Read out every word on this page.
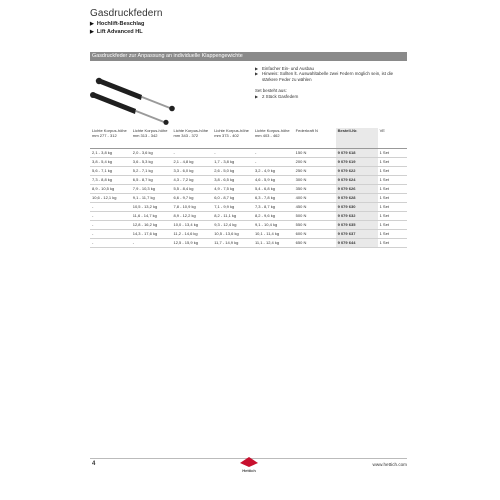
Gasdruckfedern
▶ Hochlift-Beschlag
▶ Lift Advanced HL
Gasdruckfeder zur Anpassung an individuelle Klappengewichte
▶ Einfacher Ein- und Ausbau
▶ Hinweis: Sollten lt. Auswahltabelle zwei Federn möglich sein, ist die stärkere Feder zu wählen
Set besteht aus:
▶ 2 Stück Gasfedern
Lichte Korpus-höhe mm 277 - 312	Lichte Korpus-höhe mm 313 - 342	Lichte Korpus-höhe mm 343 - 372	Lichte Korpus-höhe mm 373 - 402	Lichte Korpus-höhe mm 403 - 462	Federkraft N	Bestell-Nr.	VE
2,1 - 3,8 kg	2,0 - 3,6 kg	-	-	-	150 N	9 079 618	1 Set
3,8 - 5,4 kg	3,6 - 5,3 kg	2,1 - 4,8 kg	1,7 - 3,8 kg	-	200 N	9 079 619	1 Set
5,6 - 7,1 kg	5,2 - 7,1 kg	3,3 - 6,0 kg	2,6 - 5,0 kg	3,2 - 4,9 kg	250 N	9 079 622	1 Set
7,3 - 8,8 kg	6,5 - 8,7 kg	4,3 - 7,2 kg	3,8 - 6,5 kg	4,6 - 5,9 kg	300 N	9 079 624	1 Set
8,9 - 10,5 kg	7,9 - 10,3 kg	5,5 - 8,4 kg	4,9 - 7,5 kg	5,4 - 6,8 kg	350 N	9 079 626	1 Set
10,6 - 12,1 kg	9,1 - 11,7 kg	6,6 - 9,7 kg	6,0 - 8,7 kg	6,3 - 7,8 kg	400 N	9 079 628	1 Set
-	10,5 - 13,2 kg	7,8 - 10,9 kg	7,1 - 9,9 kg	7,3 - 8,7 kg	450 N	9 079 630	1 Set
-	11,6 - 14,7 kg	8,9 - 12,2 kg	8,2 - 11,1 kg	8,2 - 9,6 kg	500 N	9 079 632	1 Set
-	12,8 - 16,2 kg	10,0 - 13,4 kg	9,3 - 12,4 kg	9,1 - 10,4 kg	550 N	9 079 635	1 Set
-	14,3 - 17,6 kg	11,2 - 14,6 kg	10,5 - 13,6 kg	10,1 - 11,4 kg	600 N	9 079 637	1 Set
-	-	12,5 - 15,9 kg	11,7 - 14,9 kg	11,1 - 12,4 kg	650 N	9 079 644	1 Set
4
Hettich
www.hettich.com
